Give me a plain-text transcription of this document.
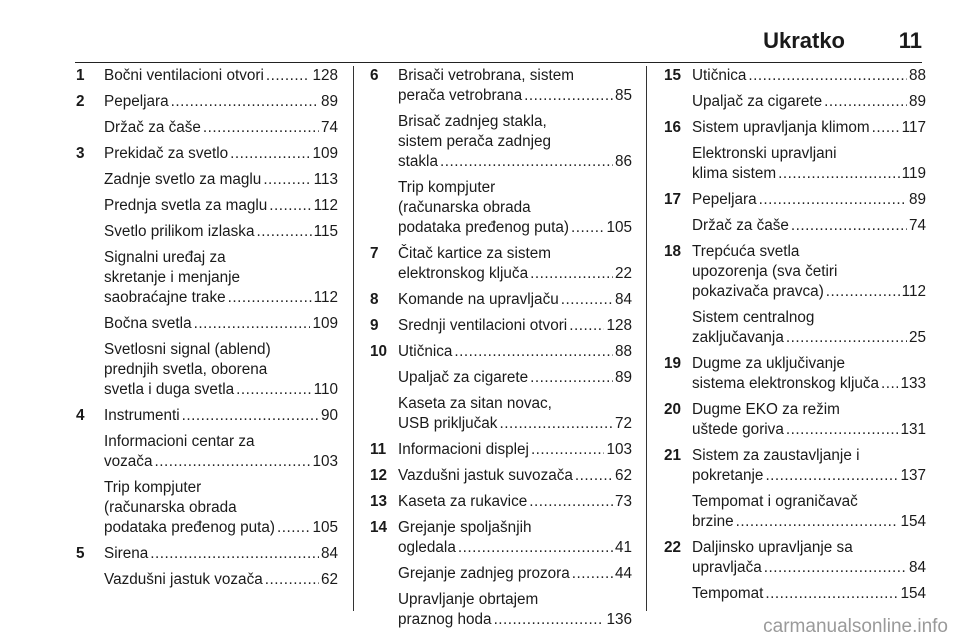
Ukratko 11
1 Bočni ventilacioni otvori .....	128
2 Pepeljara .....	89
Držač za čaše .....	74
3 Prekidač za svetlo .....	109
Zadnje svetlo za maglu .....	113
Prednja svetla za maglu .....	112
Svetlo prilikom izlaska .....	115
Signalni uređaj za
skretanje i menjanje
saobraćajne trake .....	112
Bočna svetla .....	109
Svetlosni signal (ablend)
prednjih svetla, oborena
svetla i duga svetla .....	110
4 Instrumenti .....	90
Informacioni centar za
vozača .....	103
Trip kompjuter
(računarska obrada
podataka pređenog puta) ..... 105
5 Sirena .....	84
Vazdušni jastuk vozača .....	62
6 Brisači vetrobrana, sistem
perača vetrobrana .....	85
Brisač zadnjeg stakla,
sistem perača zadnjeg
stakla .....	86
Trip kompjuter
(računarska obrada
podataka pređenog puta) ..... 105
7 Čitač kartice za sistem
elektronskog ključa .....	22
8 Komande na upravljaču .....	84
9 Srednji ventilacioni otvori .....	128
10 Utičnica .....	88
Upaljač za cigarete .....	89
Kaseta za sitan novac,
USB priključak .....	72
11 Informacioni displej .....	103
12 Vazdušni jastuk suvozača .....	62
13 Kaseta za rukavice .....	73
14 Grejanje spoljašnjih
ogledala .....	41
Grejanje zadnjeg prozora .....	44
Upravljanje obrtajem
praznog hoda .....	136
15 Utičnica .....	88
Upaljač za cigarete .....	89
16 Sistem upravljanja klimom ..... 117
Elektronski upravljani
klima sistem .....	119
17 Pepeljara .....	89
Držač za čaše .....	74
18 Trepćuća svetla
upozorenja (sva četiri
pokazivača pravca) .....	112
Sistem centralnog
zaključavanja .....	25
19 Dugme za uključivanje
sistema elektronskog ključa ..... 133
20 Dugme EKO za režim
uštede goriva .....	131
21 Sistem za zaustavljanje i
pokretanje .....	137
Tempomat i ograničavač
brzine .....	154
22 Daljinsko upravljanje sa
upravljača .....	84
Tempomat .....	154
carmanualsonline.info
